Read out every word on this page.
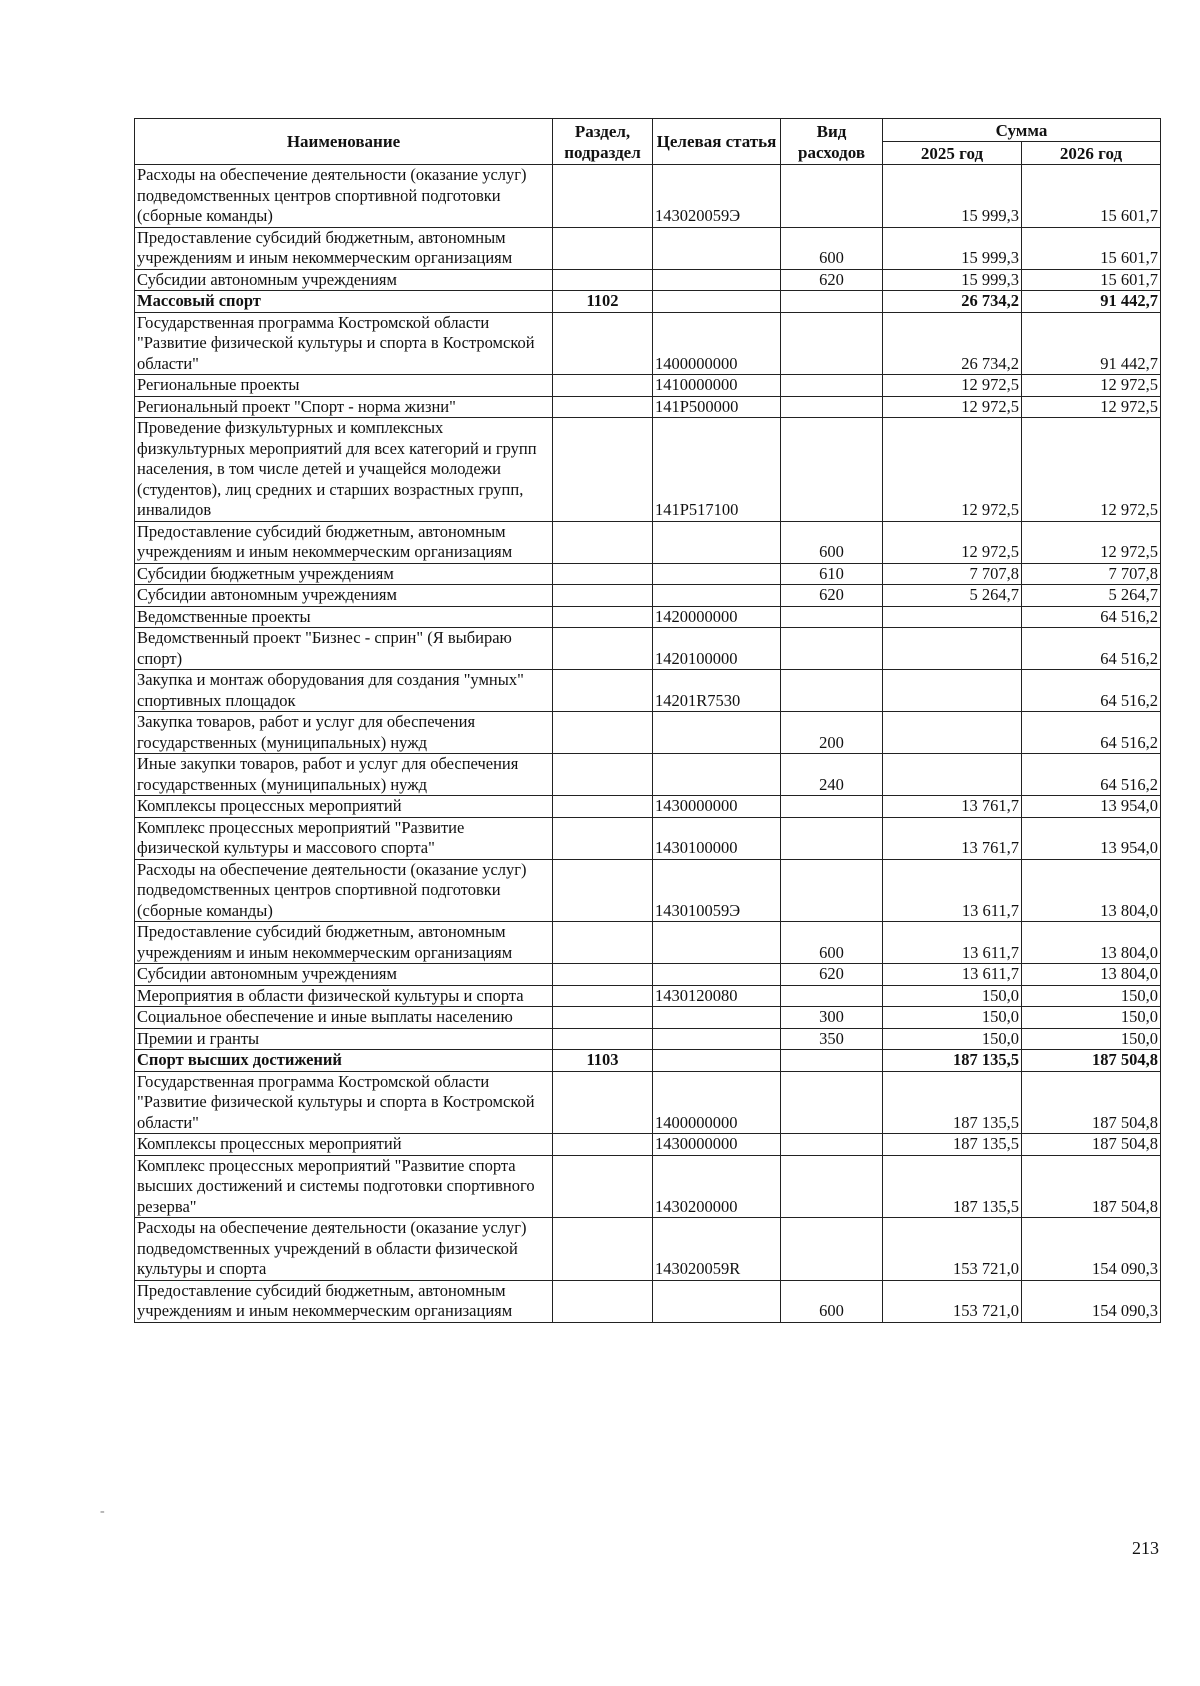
Наименование	Раздел, подраздел	Целевая статья	Вид расходов	Сумма	
				2025 год	2026 год
Расходы на обеспечение деятельности (оказание услуг) подведомственных центров спортивной подготовки (сборные команды)		143020059Э		15 999,3	15 601,7
Предоставление субсидий бюджетным, автономным учреждениям и иным некоммерческим организациям			600	15 999,3	15 601,7
Субсидии автономным учреждениям			620	15 999,3	15 601,7
Массовый спорт	1102			26 734,2	91 442,7
Государственная программа Костромской области "Развитие физической культуры и спорта в Костромской области"		1400000000		26 734,2	91 442,7
Региональные проекты		1410000000		12 972,5	12 972,5
Региональный проект "Спорт - норма жизни"		141P500000		12 972,5	12 972,5
Проведение физкультурных и комплексных физкультурных мероприятий для всех категорий и групп населения, в том числе детей и учащейся молодежи (студентов), лиц средних и старших возрастных групп, инвалидов		141P517100		12 972,5	12 972,5
Предоставление субсидий бюджетным, автономным учреждениям и иным некоммерческим организациям			600	12 972,5	12 972,5
Субсидии бюджетным учреждениям			610	7 707,8	7 707,8
Субсидии автономным учреждениям			620	5 264,7	5 264,7
Ведомственные проекты		1420000000			64 516,2
Ведомственный проект "Бизнес - сприн" (Я выбираю спорт)		1420100000			64 516,2
Закупка и монтаж оборудования для создания "умных" спортивных площадок		14201R7530			64 516,2
Закупка товаров, работ и услуг для обеспечения государственных (муниципальных) нужд			200		64 516,2
Иные закупки товаров, работ и услуг для обеспечения государственных (муниципальных) нужд			240		64 516,2
Комплексы процессных мероприятий		1430000000		13 761,7	13 954,0
Комплекс процессных мероприятий "Развитие физической культуры и массового спорта"		1430100000		13 761,7	13 954,0
Расходы на обеспечение деятельности (оказание услуг) подведомственных центров спортивной подготовки (сборные команды)		143010059Э		13 611,7	13 804,0
Предоставление субсидий бюджетным, автономным учреждениям и иным некоммерческим организациям			600	13 611,7	13 804,0
Субсидии автономным учреждениям			620	13 611,7	13 804,0
Мероприятия в области физической культуры и спорта		1430120080		150,0	150,0
Социальное обеспечение и иные выплаты населению			300	150,0	150,0
Премии и гранты			350	150,0	150,0
Спорт высших достижений	1103			187 135,5	187 504,8
Государственная программа Костромской области "Развитие физической культуры и спорта в Костромской области"		1400000000		187 135,5	187 504,8
Комплексы процессных мероприятий		1430000000		187 135,5	187 504,8
Комплекс процессных мероприятий "Развитие спорта высших достижений и системы подготовки спортивного резерва"		1430200000		187 135,5	187 504,8
Расходы на обеспечение деятельности (оказание услуг) подведомственных учреждений в области физической культуры и спорта		143020059R		153 721,0	154 090,3
Предоставление субсидий бюджетным, автономным учреждениям и иным некоммерческим организациям			600	153 721,0	154 090,3
213
-
